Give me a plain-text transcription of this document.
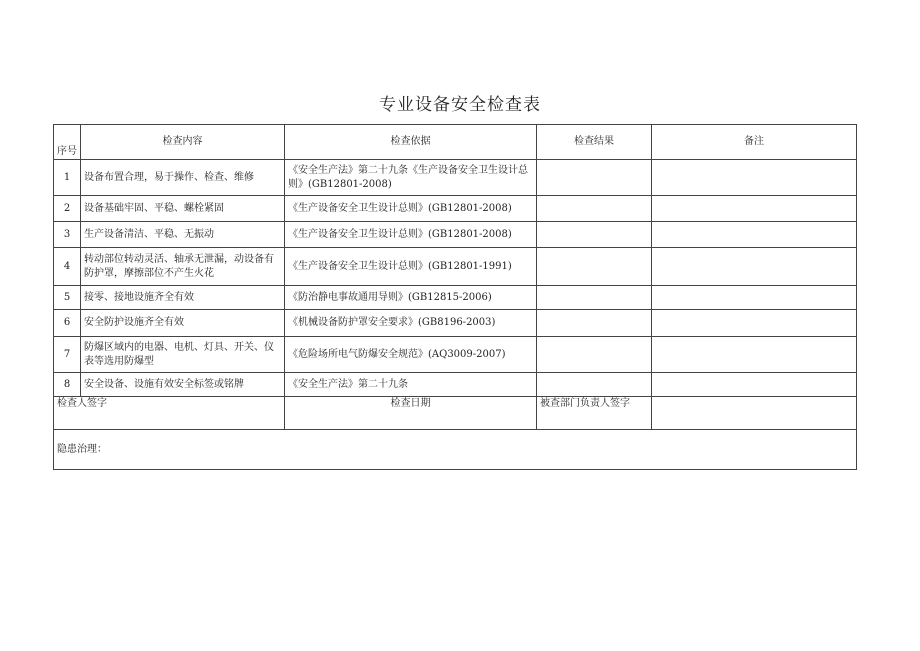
专业设备安全检查表
序号	检查内容	检查依据	检查结果	备注
1	设备布置合理，易于操作、检查、维修	《安全生产法》第二十九条《生产设备安全卫生设计总则》(GB12801-2008)		
2	设备基础牢固、平稳、螺栓紧固	《生产设备安全卫生设计总则》(GB12801-2008)		
3	生产设备清洁、平稳、无振动	《生产设备安全卫生设计总则》(GB12801-2008)		
4	转动部位转动灵活、轴承无泄漏，动设备有防护罩，摩擦部位不产生火花	《生产设备安全卫生设计总则》(GB12801-1991)		
5	接零、接地设施齐全有效	《防治静电事故通用导则》(GB12815-2006)		
6	安全防护设施齐全有效	《机械设备防护罩安全要求》(GB8196-2003)		
7	防爆区域内的电器、电机、灯具、开关、仪表等选用防爆型	《危险场所电气防爆安全规范》(AQ3009-2007)		
8	安全设备、设施有效安全标签或铭牌	《安全生产法》第二十九条		
检查人签字		检查日期	被查部门负责人签字	
隐患治理：				
